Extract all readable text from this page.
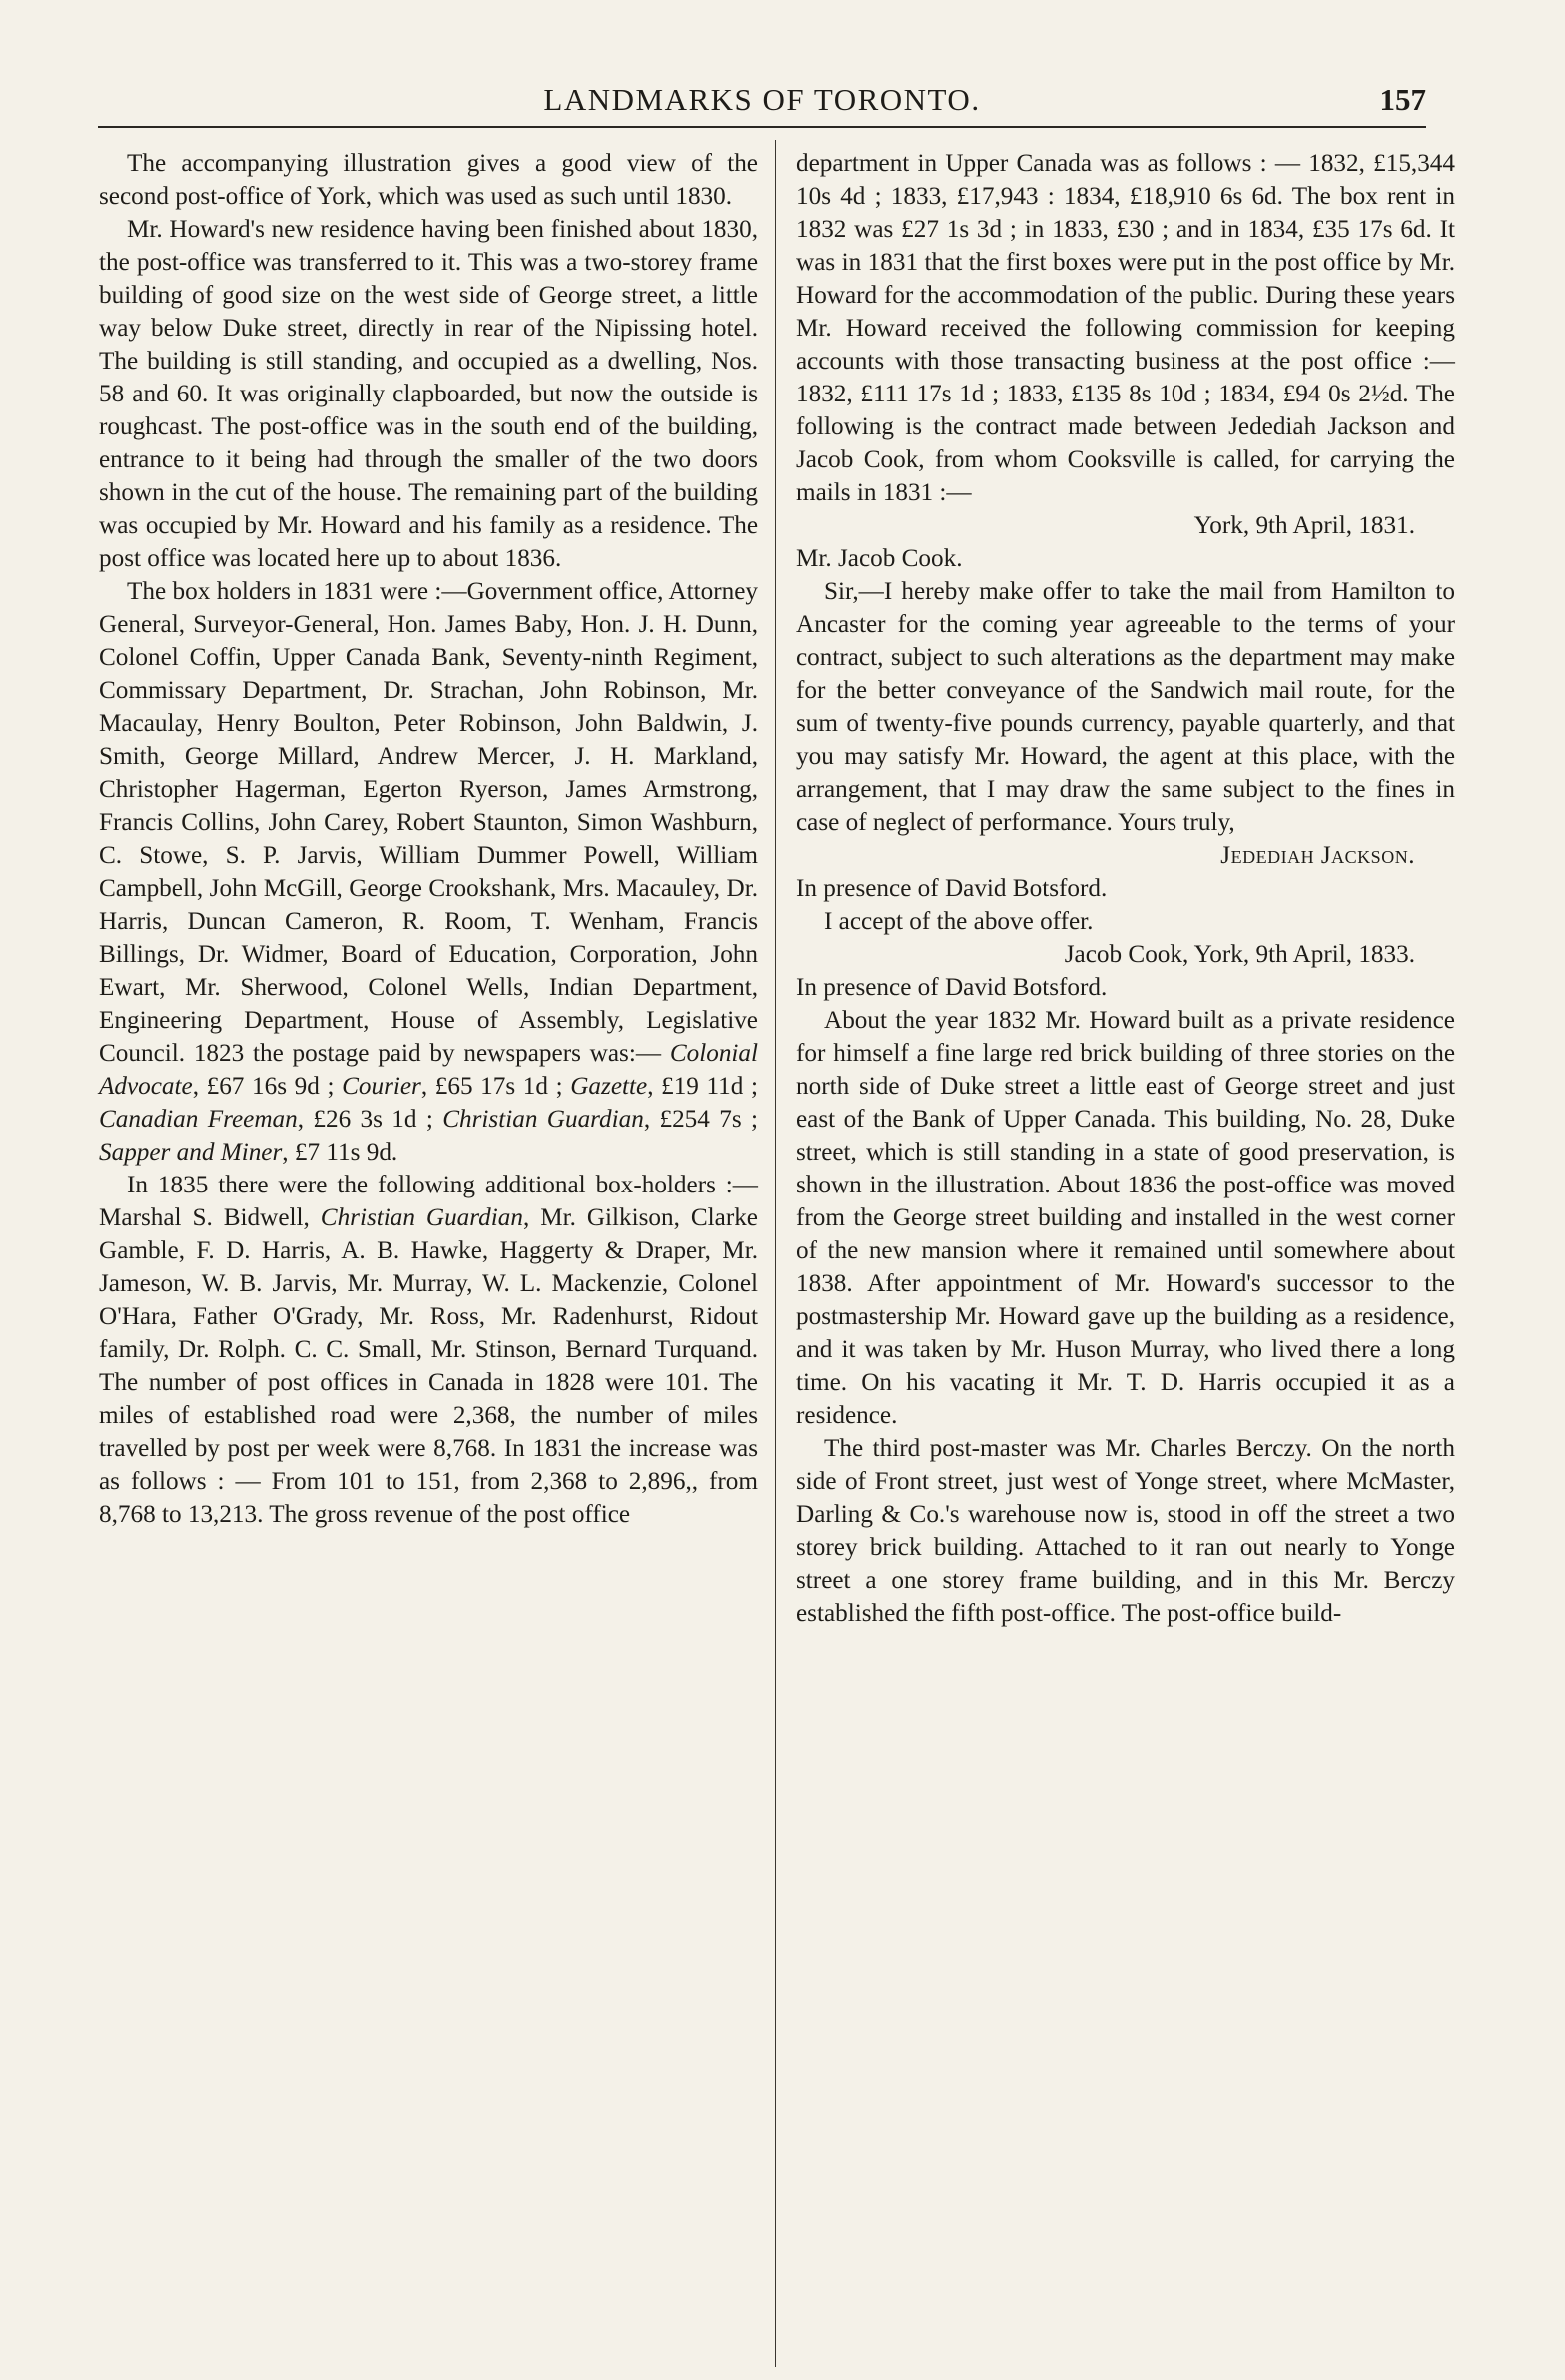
LANDMARKS OF TORONTO.	157

The accompanying illustration gives a good view of the second post-office of York, which was used as such until 1830.

Mr. Howard's new residence having been finished about 1830, the post-office was transferred to it. This was a two-storey frame building of good size on the west side of George street, a little way below Duke street, directly in rear of the Nipissing hotel. The building is still standing, and occupied as a dwelling, Nos. 58 and 60. It was originally clapboarded, but now the outside is roughcast. The post-office was in the south end of the building, entrance to it being had through the smaller of the two doors shown in the cut of the house. The remaining part of the building was occupied by Mr. Howard and his family as a residence. The post office was located here up to about 1836.

The box holders in 1831 were :—Government office, Attorney General, Surveyor-General, Hon. James Baby, Hon. J. H. Dunn, Colonel Coffin, Upper Canada Bank, Seventy-ninth Regiment, Commissary Department, Dr. Strachan, John Robinson, Mr. Macaulay, Henry Boulton, Peter Robinson, John Baldwin, J. Smith, George Millard, Andrew Mercer, J. H. Markland, Christopher Hagerman, Egerton Ryerson, James Armstrong, Francis Collins, John Carey, Robert Staunton, Simon Washburn, C. Stowe, S. P. Jarvis, William Dummer Powell, William Campbell, John McGill, George Crookshank, Mrs. Macauley, Dr. Harris, Duncan Cameron, R. Room, T. Wenham, Francis Billings, Dr. Widmer, Board of Education, Corporation, John Ewart, Mr. Sherwood, Colonel Wells, Indian Department, Engineering Department, House of Assembly, Legislative Council. 1823 the postage paid by newspapers was:— Colonial Advocate, £67 16s 9d ; Courier, £65 17s 1d ; Gazette, £19 11d ; Canadian Freeman, £26 3s 1d ; Christian Guardian, £254 7s ; Sapper and Miner, £7 11s 9d.

In 1835 there were the following additional box-holders :—Marshal S. Bidwell, Christian Guardian, Mr. Gilkison, Clarke Gamble, F. D. Harris, A. B. Hawke, Haggerty & Draper, Mr. Jameson, W. B. Jarvis, Mr. Murray, W. L. Mackenzie, Colonel O'Hara, Father O'Grady, Mr. Ross, Mr. Radenhurst, Ridout family, Dr. Rolph. C. C. Small, Mr. Stinson, Bernard Turquand. The number of post offices in Canada in 1828 were 101. The miles of established road were 2,368, the number of miles travelled by post per week were 8,768. In 1831 the increase was as follows : — From 101 to 151, from 2,368 to 2,896,, from 8,768 to 13,213. The gross revenue of the post office

department in Upper Canada was as follows : — 1832, £15,344 10s 4d ; 1833, £17,943 : 1834, £18,910 6s 6d. The box rent in 1832 was £27 1s 3d ; in 1833, £30 ; and in 1834, £35 17s 6d. It was in 1831 that the first boxes were put in the post office by Mr. Howard for the accommodation of the public. During these years Mr. Howard received the following commission for keeping accounts with those transacting business at the post office :—1832, £111 17s 1d ; 1833, £135 8s 10d ; 1834, £94 0s 2½d. The following is the contract made between Jedediah Jackson and Jacob Cook, from whom Cooksville is called, for carrying the mails in 1831 :—

York, 9th April, 1831.

Mr. Jacob Cook.

Sir,—I hereby make offer to take the mail from Hamilton to Ancaster for the coming year agreeable to the terms of your contract, subject to such alterations as the department may make for the better conveyance of the Sandwich mail route, for the sum of twenty-five pounds currency, payable quarterly, and that you may satisfy Mr. Howard, the agent at this place, with the arrangement, that I may draw the same subject to the fines in case of neglect of performance. Yours truly,

Jedediah Jackson.

In presence of David Botsford.

I accept of the above offer.

Jacob Cook, York, 9th April, 1833.

In presence of David Botsford.

About the year 1832 Mr. Howard built as a private residence for himself a fine large red brick building of three stories on the north side of Duke street a little east of George street and just east of the Bank of Upper Canada. This building, No. 28, Duke street, which is still standing in a state of good preservation, is shown in the illustration. About 1836 the post-office was moved from the George street building and installed in the west corner of the new mansion where it remained until somewhere about 1838. After appointment of Mr. Howard's successor to the postmastership Mr. Howard gave up the building as a residence, and it was taken by Mr. Huson Murray, who lived there a long time. On his vacating it Mr. T. D. Harris occupied it as a residence.

The third post-master was Mr. Charles Berczy. On the north side of Front street, just west of Yonge street, where McMaster, Darling & Co.'s warehouse now is, stood in off the street a two storey brick building. Attached to it ran out nearly to Yonge street a one storey frame building, and in this Mr. Berczy established the fifth post-office. The post-office build-
